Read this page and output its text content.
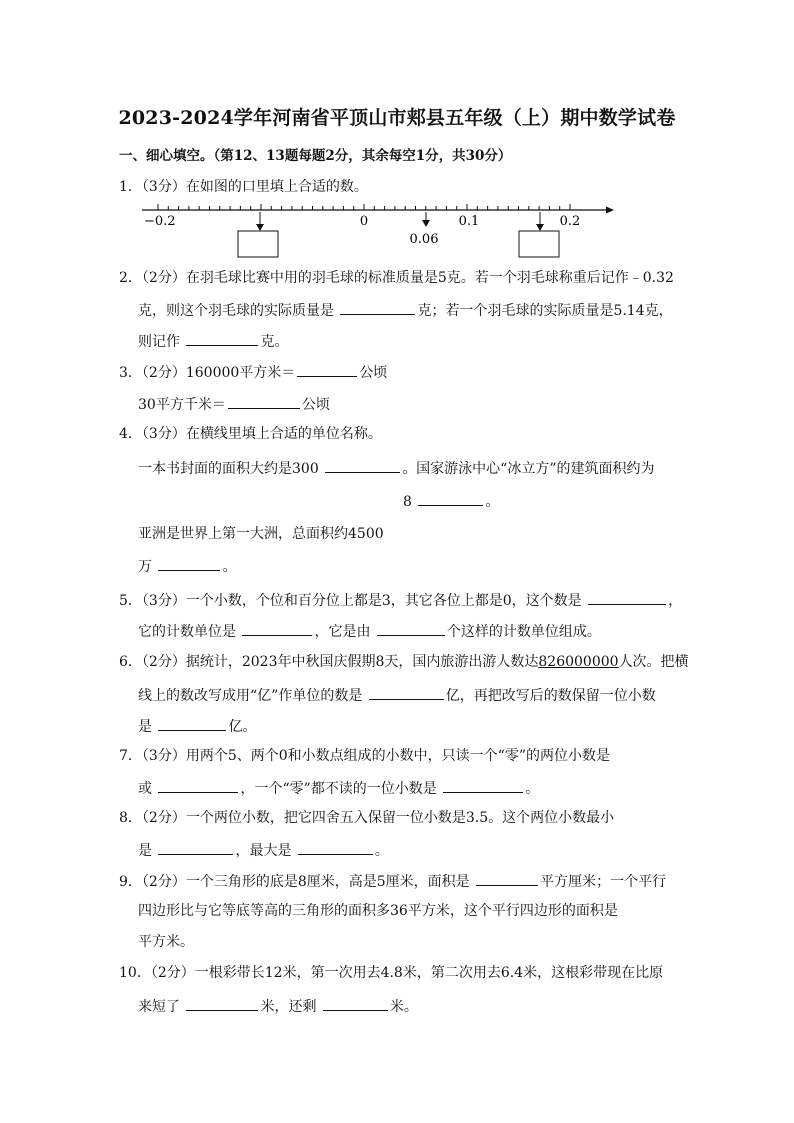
2023-2024学年河南省平顶山市郏县五年级（上）期中数学试卷
一、细心填空。（第12、13题每题2分，其余每空1分，共30分）
1．（3分）在如图的口里填上合适的数。
−0.2	0	0.1	0.2
0.06
2．（2分）在羽毛球比赛中用的羽毛球的标准质量是5克。若一个羽毛球称重后记作﹣0.32
克，则这个羽毛球的实际质量是	克；若一个羽毛球的实际质量是5.14克，
则记作	克。
3．（2分）160000平方米＝	公顷
30平方千米＝	公顷
4．（3分）在横线里填上合适的单位名称。
一本书封面的面积大约是300	。国家游泳中心“冰立方”的建筑面积约为
8	。
亚洲是世界上第一大洲，总面积约4500
万	。
5．（3分）一个小数，个位和百分位上都是3，其它各位上都是0，这个数是	，
它的计数单位是	，它是由	个这样的计数单位组成。
6．（2分）据统计，2023年中秋国庆假期8天，国内旅游出游人数达826000000人次。把横
线上的数改写成用“亿”作单位的数是	亿，再把改写后的数保留一位小数
是	亿。
7．（3分）用两个5、两个0和小数点组成的小数中，只读一个“零”的两位小数是
或	，一个“零”都不读的一位小数是	。
8．（2分）一个两位小数，把它四舍五入保留一位小数是3.5。这个两位小数最小
是	，最大是	。
9．（2分）一个三角形的底是8厘米，高是5厘米，面积是	平方厘米；一个平行
四边形比与它等底等高的三角形的面积多36平方米，这个平行四边形的面积是
平方米。
10．（2分）一根彩带长12米，第一次用去4.8米，第二次用去6.4米，这根彩带现在比原
来短了	米，还剩	米。
